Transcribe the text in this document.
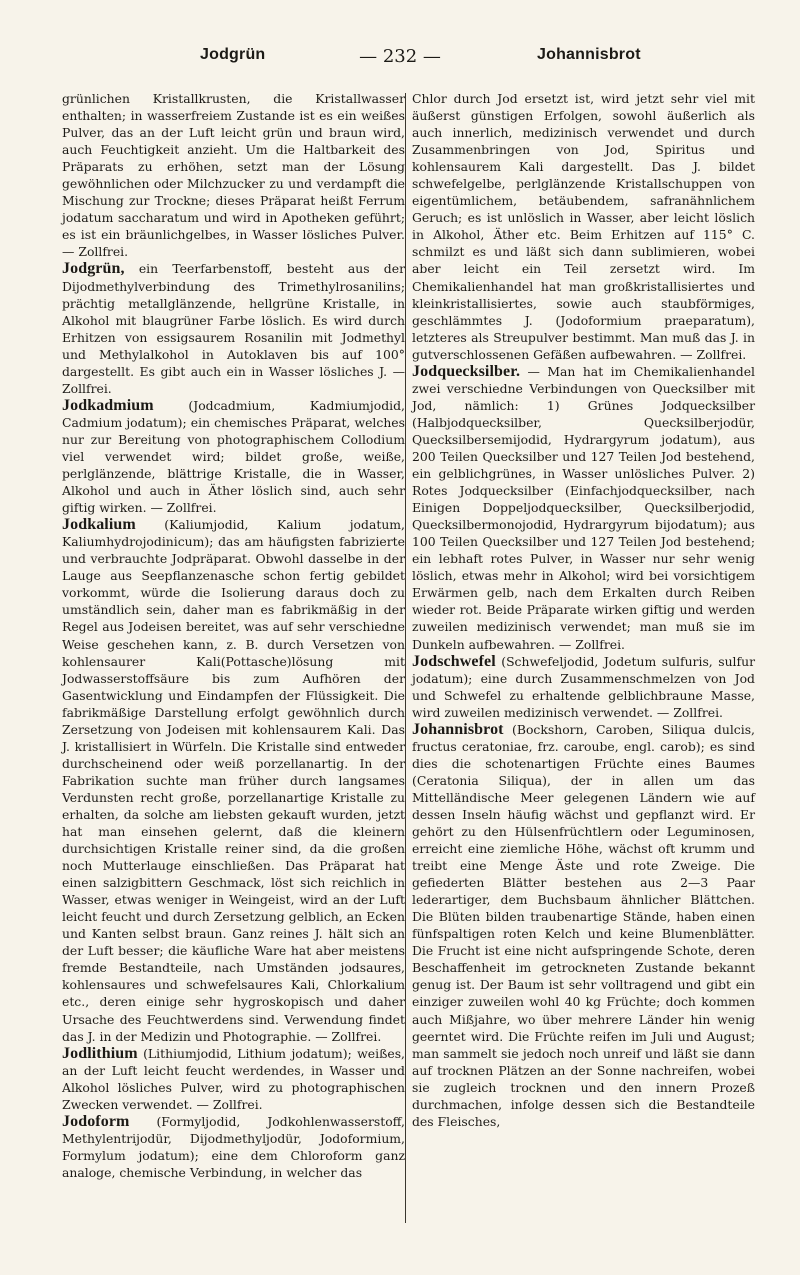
Jodgrün	— 232 —	Johannisbrot

grünlichen Kristallkrusten, die Kristallwasser enthalten; in wasserfreiem Zustande ist es ein weißes Pulver, das an der Luft leicht grün und braun wird, auch Feuchtigkeit anzieht. Um die Haltbarkeit des Präparats zu erhöhen, setzt man der Lösung gewöhnlichen oder Milchzucker zu und verdampft die Mischung zur Trockne; dieses Präparat heißt Ferrum jodatum saccharatum und wird in Apotheken geführt; es ist ein bräunlichgelbes, in Wasser lösliches Pulver. — Zollfrei.

Jodgrün, ein Teerfarbenstoff, besteht aus der Dijodmethylverbindung des Trimethylrosanilins; prächtig metallglänzende, hellgrüne Kristalle, in Alkohol mit blaugrüner Farbe löslich. Es wird durch Erhitzen von essigsaurem Rosanilin mit Jodmethyl und Methylalkohol in Autoklaven bis auf 100° dargestellt. Es gibt auch ein in Wasser lösliches J. — Zollfrei.

Jodkadmium (Jodcadmium, Kadmiumjodid, Cadmium jodatum); ein chemisches Präparat, welches nur zur Bereitung von photographischem Collodium viel verwendet wird; bildet große, weiße, perlglänzende, blättrige Kristalle, die in Wasser, Alkohol und auch in Äther löslich sind, auch sehr giftig wirken. — Zollfrei.

Jodkalium (Kaliumjodid, Kalium jodatum, Kaliumhydrojodinicum); das am häufigsten fabrizierte und verbrauchte Jodpräparat. Obwohl dasselbe in der Lauge aus Seepflanzenasche schon fertig gebildet vorkommt, würde die Isolierung daraus doch zu umständlich sein, daher man es fabrikmäßig in der Regel aus Jodeisen bereitet, was auf sehr verschiedne Weise geschehen kann, z. B. durch Versetzen von kohlensaurer Kali(Pottasche)lösung mit Jodwasserstoffsäure bis zum Aufhören der Gasentwicklung und Eindampfen der Flüssigkeit. Die fabrikmäßige Darstellung erfolgt gewöhnlich durch Zersetzung von Jodeisen mit kohlensaurem Kali. Das J. kristallisiert in Würfeln. Die Kristalle sind entweder durchscheinend oder weiß porzellanartig. In der Fabrikation suchte man früher durch langsames Verdunsten recht große, porzellanartige Kristalle zu erhalten, da solche am liebsten gekauft wurden, jetzt hat man einsehen gelernt, daß die kleinern durchsichtigen Kristalle reiner sind, da die großen noch Mutterlauge einschließen. Das Präparat hat einen salzigbittern Geschmack, löst sich reichlich in Wasser, etwas weniger in Weingeist, wird an der Luft leicht feucht und durch Zersetzung gelblich, an Ecken und Kanten selbst braun. Ganz reines J. hält sich an der Luft besser; die käufliche Ware hat aber meistens fremde Bestandteile, nach Umständen jodsaures, kohlensaures und schwefelsaures Kali, Chlorkalium etc., deren einige sehr hygroskopisch und daher Ursache des Feuchtwerdens sind. Verwendung findet das J. in der Medizin und Photographie. — Zollfrei.

Jodlithium (Lithiumjodid, Lithium jodatum); weißes, an der Luft leicht feucht werdendes, in Wasser und Alkohol lösliches Pulver, wird zu photographischen Zwecken verwendet. — Zollfrei.

Jodoform (Formyljodid, Jodkohlenwasserstoff, Methylentrijodür, Dijodmethyljodür, Jodoformium, Formylum jodatum); eine dem Chloroform ganz analoge, chemische Verbindung, in welcher das

Chlor durch Jod ersetzt ist, wird jetzt sehr viel mit äußerst günstigen Erfolgen, sowohl äußerlich als auch innerlich, medizinisch verwendet und durch Zusammenbringen von Jod, Spiritus und kohlensaurem Kali dargestellt. Das J. bildet schwefelgelbe, perlglänzende Kristallschuppen von eigentümlichem, betäubendem, safranähnlichem Geruch; es ist unlöslich in Wasser, aber leicht löslich in Alkohol, Äther etc. Beim Erhitzen auf 115° C. schmilzt es und läßt sich dann sublimieren, wobei aber leicht ein Teil zersetzt wird. Im Chemikalienhandel hat man großkristallisiertes und kleinkristallisiertes, sowie auch staubförmiges, geschlämmtes J. (Jodoformium praeparatum), letzteres als Streupulver bestimmt. Man muß das J. in gutverschlossenen Gefäßen aufbewahren. — Zollfrei.

Jodquecksilber. — Man hat im Chemikalienhandel zwei verschiedne Verbindungen von Quecksilber mit Jod, nämlich: 1) Grünes Jodquecksilber (Halbjodquecksilber, Quecksilberjodür, Quecksilbersemijodid, Hydrargyrum jodatum), aus 200 Teilen Quecksilber und 127 Teilen Jod bestehend, ein gelblichgrünes, in Wasser unlösliches Pulver. 2) Rotes Jodquecksilber (Einfachjodquecksilber, nach Einigen Doppeljodquecksilber, Quecksilberjodid, Quecksilbermonojodid, Hydrargyrum bijodatum); aus 100 Teilen Quecksilber und 127 Teilen Jod bestehend; ein lebhaft rotes Pulver, in Wasser nur sehr wenig löslich, etwas mehr in Alkohol; wird bei vorsichtigem Erwärmen gelb, nach dem Erkalten durch Reiben wieder rot. Beide Präparate wirken giftig und werden zuweilen medizinisch verwendet; man muß sie im Dunkeln aufbewahren. — Zollfrei.

Jodschwefel (Schwefeljodid, Jodetum sulfuris, sulfur jodatum); eine durch Zusammenschmelzen von Jod und Schwefel zu erhaltende gelblichbraune Masse, wird zuweilen medizinisch verwendet. — Zollfrei.

Johannisbrot (Bockshorn, Caroben, Siliqua dulcis, fructus ceratoniae, frz. caroube, engl. carob); es sind dies die schotenartigen Früchte eines Baumes (Ceratonia Siliqua), der in allen um das Mittelländische Meer gelegenen Ländern wie auf dessen Inseln häufig wächst und gepflanzt wird. Er gehört zu den Hülsenfrüchtlern oder Leguminosen, erreicht eine ziemliche Höhe, wächst oft krumm und treibt eine Menge Äste und rote Zweige. Die gefiederten Blätter bestehen aus 2—3 Paar lederartiger, dem Buchsbaum ähnlicher Blättchen. Die Blüten bilden traubenartige Stände, haben einen fünfspaltigen roten Kelch und keine Blumenblätter. Die Frucht ist eine nicht aufspringende Schote, deren Beschaffenheit im getrockneten Zustande bekannt genug ist. Der Baum ist sehr volltragend und gibt ein einziger zuweilen wohl 40 kg Früchte; doch kommen auch Mißjahre, wo über mehrere Länder hin wenig geerntet wird. Die Früchte reifen im Juli und August; man sammelt sie jedoch noch unreif und läßt sie dann auf trocknen Plätzen an der Sonne nachreifen, wobei sie zugleich trocknen und den innern Prozeß durchmachen, infolge dessen sich die Bestandteile des Fleisches,
